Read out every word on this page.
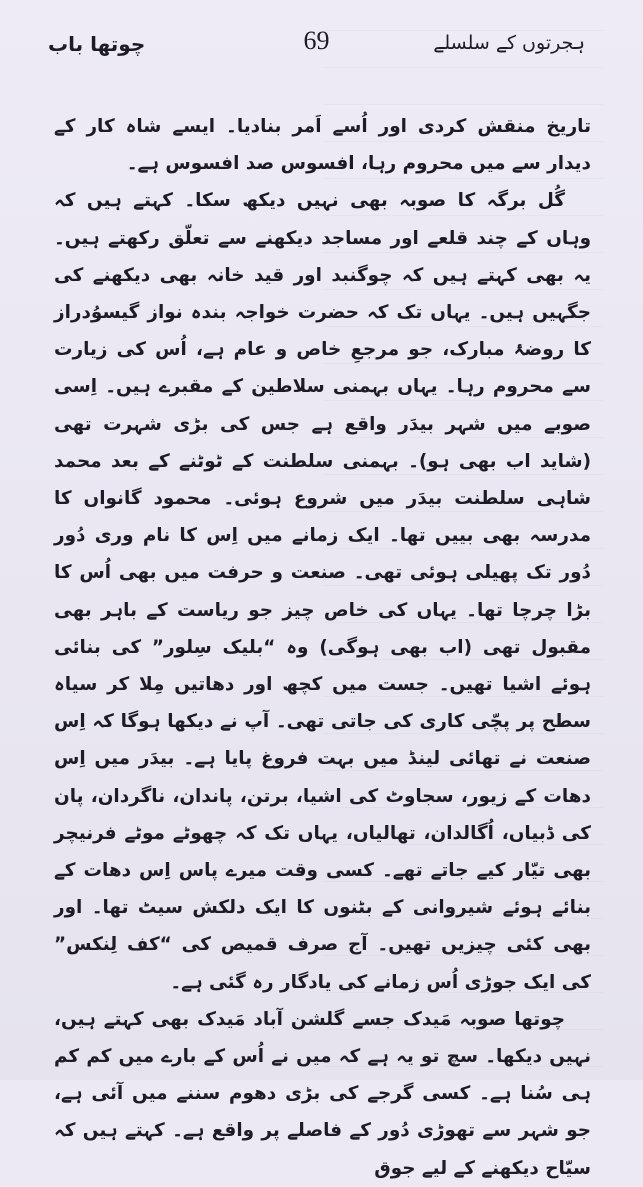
چوتھا باب	69	ہجرتوں کے سلسلے

تاریخ منقش کردی اور اُسے اَمر بنادیا۔ ایسے شاہ کار کے دیدار سے میں محروم رہا، افسوس صد افسوس ہے۔

گُل برگہ کا صوبہ بھی نہیں دیکھ سکا۔ کہتے ہیں کہ وہاں کے چند قلعے اور مساجد دیکھنے سے تعلّق رکھتے ہیں۔ یہ بھی کہتے ہیں کہ چوگنبد اور قید خانہ بھی دیکھنے کی جگہیں ہیں۔ یہاں تک کہ حضرت خواجہ بندہ نواز گیسوُدراز کا روضۂ مبارک، جو مرجعِ خاص و عام ہے، اُس کی زیارت سے محروم رہا۔ یہاں بہمنی سلاطین کے مقبرے ہیں۔ اِسی صوبے میں شہر بیدَر واقع ہے جس کی بڑی شہرت تھی (شاید اب بھی ہو)۔ بہمنی سلطنت کے ٹوٹنے کے بعد محمد شاہی سلطنت بیدَر میں شروع ہوئی۔ محمود گانواں کا مدرسہ بھی بییں تھا۔ ایک زمانے میں اِس کا نام وری دُور دُور تک پھیلی ہوئی تھی۔ صنعت و حرفت میں بھی اُس کا بڑا چرچا تھا۔ یہاں کی خاص چیز جو ریاست کے باہر بھی مقبول تھی (اب بھی ہوگی) وہ “بلیک سِلور” کی بنائی ہوئے اشیا تھیں۔ جست میں کچھ اور دھاتیں مِلا کر سیاہ سطح پر پچّی کاری کی جاتی تھی۔ آپ نے دیکھا ہوگا کہ اِس صنعت نے تھائی لینڈ میں بہت فروغ پایا ہے۔ بیدَر میں اِس دھات کے زیور، سجاوٹ کی اشیا، برتن، پاندان، ناگردان، پان کی ڈبیاں، اُگالدان، تھالیاں، یہاں تک کہ چھوٹے موٹے فرنیچر بھی تیّار کیے جاتے تھے۔ کسی وقت میرے پاس اِس دھات کے بنائے ہوئے شیروانی کے بٹنوں کا ایک دلکش سیٹ تھا۔ اور بھی کئی چیزیں تھیں۔ آج صرف قمیص کی “کف لِنکس” کی ایک جوڑی اُس زمانے کی یادگار رہ گئی ہے۔

چوتھا صوبہ مَیدک جسے گلشن آباد مَیدک بھی کہتے ہیں، نہیں دیکھا۔ سچ تو یہ ہے کہ میں نے اُس کے بارے میں کم کم ہی سُنا ہے۔ کسی گرجے کی بڑی دھوم سننے میں آئی ہے، جو شہر سے تھوڑی دُور کے فاصلے پر واقع ہے۔ کہتے ہیں کہ سیّاح دیکھنے کے لیے جوق
